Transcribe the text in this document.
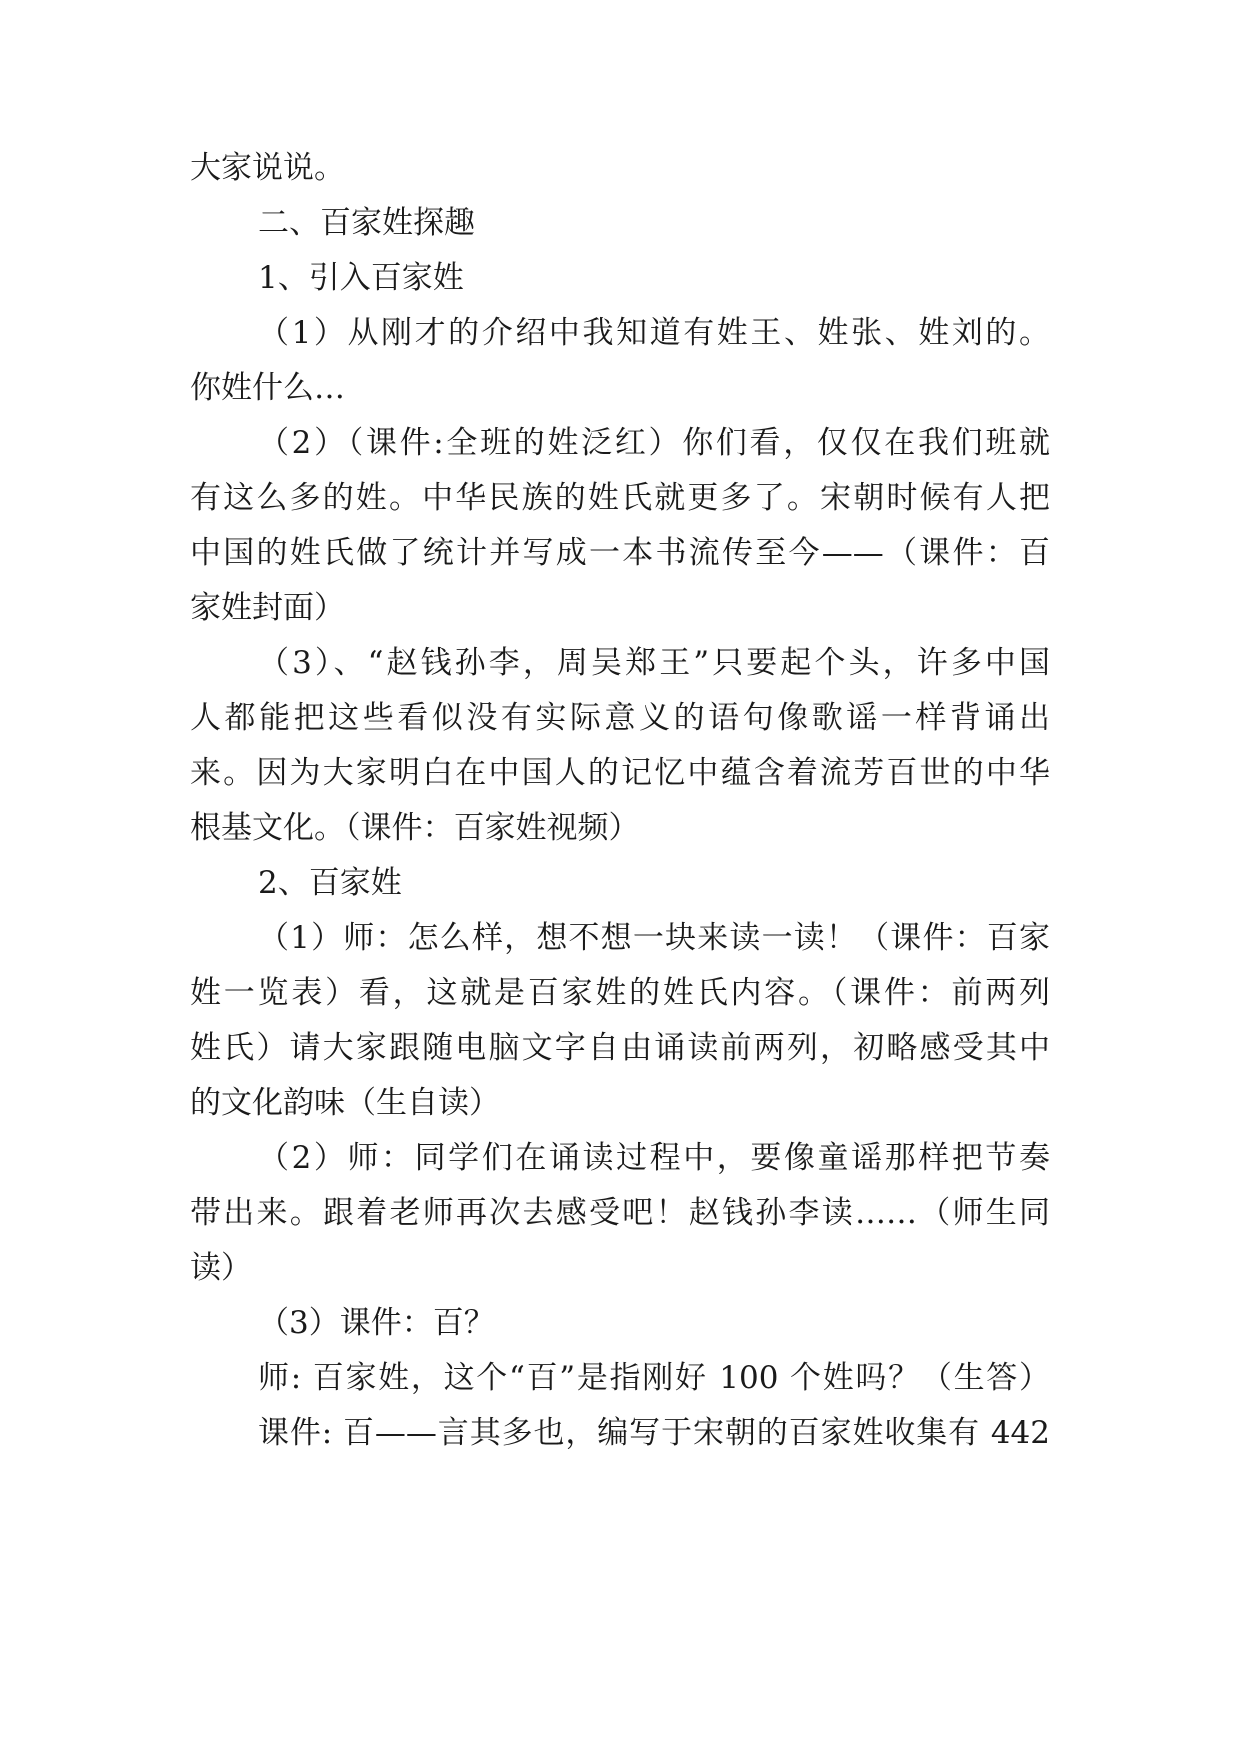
大家说说。
二、百家姓探趣
1、引入百家姓
（1）从刚才的介绍中我知道有姓王、姓张、姓刘的。
你姓什么…
（2）（课件:全班的姓泛红）你们看，仅仅在我们班就
有这么多的姓。中华民族的姓氏就更多了。宋朝时候有人把
中国的姓氏做了统计并写成一本书流传至今——（课件：百
家姓封面）
（3）、“赵钱孙李，周吴郑王”只要起个头，许多中国
人都能把这些看似没有实际意义的语句像歌谣一样背诵出
来。因为大家明白在中国人的记忆中蕴含着流芳百世的中华
根基文化。（课件：百家姓视频）
2、百家姓
（1）师：怎么样，想不想一块来读一读！（课件：百家
姓一览表）看，这就是百家姓的姓氏内容。（课件：前两列
姓氏）请大家跟随电脑文字自由诵读前两列，初略感受其中
的文化韵味（生自读）
（2）师：同学们在诵读过程中，要像童谣那样把节奏
带出来。跟着老师再次去感受吧！赵钱孙李读……（师生同
读）
（3）课件：百？
师: 百家姓，这个“百”是指刚好 100 个姓吗？（生答）
课件: 百——言其多也，编写于宋朝的百家姓收集有 442
